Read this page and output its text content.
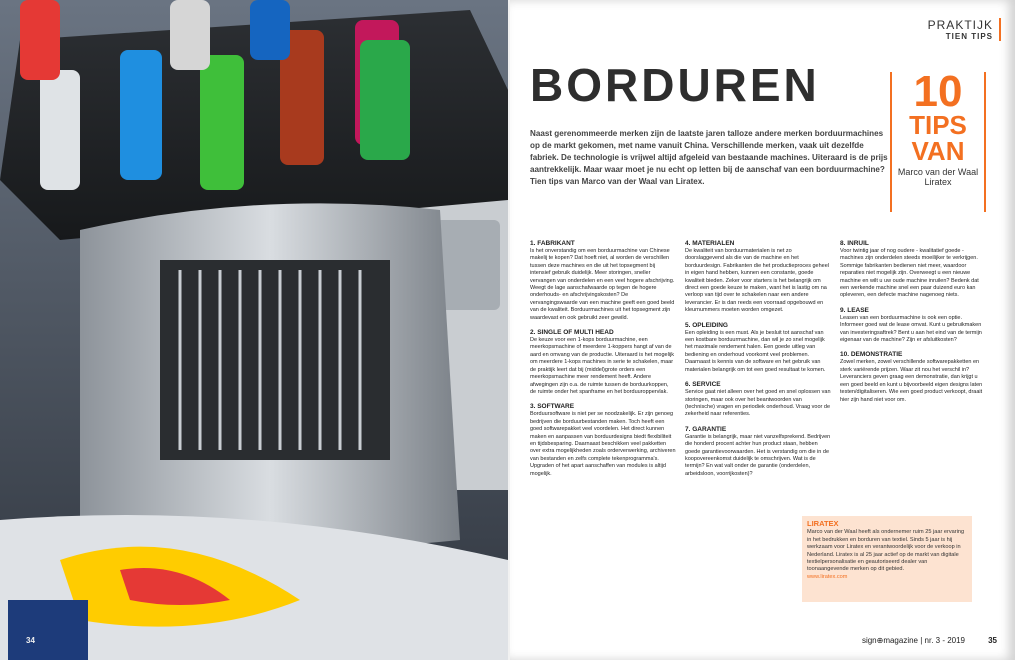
34
PRAKTIJK
TIEN TIPS
BORDUREN	10
TIPS
VAN
Marco van der Waal
Liratex
Naast gerenommeerde merken zijn de laatste jaren talloze andere merken borduurmachines op de markt gekomen, met name vanuit China. Verschillende merken, vaak uit dezelfde fabriek. De technologie is vrijwel altijd afgeleid van bestaande machines. Uiteraard is de prijs aantrekkelijk. Maar waar moet je nu echt op letten bij de aanschaf van een borduurmachine? Tien tips van Marco van der Waal van Liratex.
1. FABRIKANT

Is het onverstandig om een borduurmachine van Chinese makelij te kopen? Dat hoeft niet, al worden de verschillen tussen deze machines en die uit het topsegment bij intensief gebruik duidelijk. Meer storingen, sneller vervangen van onderdelen en een veel hogere afschrijving. Weegt de lage aanschafwaarde op tegen de hogere onderhouds- en afschrijvingskosten? De vervangingswaarde van een machine geeft een goed beeld van de kwaliteit. Borduurmachines uit het topsegment zijn waardevast en ook gebruikt zeer gewild.

2. SINGLE OF MULTI HEAD

De keuze voor een 1-kops borduurmachine, een meerkopsmachine of meerdere 1-koppers hangt af van de aard en omvang van de productie. Uiteraard is het mogelijk om meerdere 1-kops machines in serie te schakelen, maar de praktijk leert dat bij (middel)grote orders een meerkopsmachine meer rendement heeft. Andere afwegingen zijn o.a. de ruimte tussen de borduurkoppen, de ruimte onder het spanframe en het borduuroppervlak.

3. SOFTWARE

Borduursoftware is niet per se noodzakelijk. Er zijn genoeg bedrijven die borduurbestanden maken. Toch heeft een goed softwarepakket veel voordelen. Het direct kunnen maken en aanpassen van borduurdesigns biedt flexibiliteit en tijdsbesparing. Daarnaast beschikken veel pakketten over extra mogelijkheden zoals orderverwerking, archiveren van bestanden en zelfs complete tekenprogramma's. Upgraden of het apart aanschaffen van modules is altijd mogelijk.

4. MATERIALEN

De kwaliteit van borduurmaterialen is net zo doorslaggevend als die van de machine en het borduurdesign. Fabrikanten die het productieproces geheel in eigen hand hebben, kunnen een constante, goede kwaliteit bieden. Zeker voor starters is het belangrijk om direct een goede keuze te maken, want het is lastig om na verloop van tijd over te schakelen naar een andere leverancier. Er is dan reeds een voorraad opgebouwd en kleurnummers moeten worden omgezet.

5. OPLEIDING

Een opleiding is een must. Als je besluit tot aanschaf van een kostbare borduurmachine, dan wil je zo snel mogelijk het maximale rendement halen. Een goede uitleg van bediening en onderhoud voorkomt veel problemen. Daarnaast is kennis van de software en het gebruik van materialen belangrijk om tot een goed resultaat te komen.

6. SERVICE

Service gaat niet alleen over het goed en snel oplossen van storingen, maar ook over het beantwoorden van (technische) vragen en periodiek onderhoud. Vraag voor de zekerheid naar referenties.

7. GARANTIE

Garantie is belangrijk, maar niet vanzelfsprekend. Bedrijven die honderd procent achter hun product staan, hebben goede garantievoorwaarden. Het is verstandig om die in de koopovereenkomst duidelijk te omschrijven. Wat is de termijn? En wat valt onder de garantie (onderdelen, arbeidsloon, voorrijkosten)?

8. INRUIL

Voor twintig jaar of nog oudere - kwalitatief goede - machines zijn onderdelen steeds moeilijker te verkrijgen. Sommige fabrikanten bedienen niet meer, waardoor reparaties niet mogelijk zijn. Overweegt u een nieuwe machine en wilt u uw oude machine inruilen? Bedenk dat een werkende machine snel een paar duizend euro kan opleveren, een defecte machine nagenoeg niets.

9. LEASE

Leasen van een borduurmachine is ook een optie. Informeer goed wat de lease omvat. Kunt u gebruikmaken van investeringsaftrek? Bent u aan het eind van de termijn eigenaar van de machine? Zijn er afsluitkosten?

10. DEMONSTRATIE

Zowel merken, zowel verschillende softwarepakketten en sterk variërende prijzen. Waar zit nou het verschil in? Leveranciers geven graag een demonstratie, dan krijgt u een goed beeld en kunt u bijvoorbeeld eigen designs laten testen/digitaliseren. Wie een goed product verkoopt, draait hier zijn hand niet voor om.

LIRATEX
Marco van der Waal heeft als ondernemer ruim 25 jaar ervaring in het bedrukken en borduren van textiel. Sinds 5 jaar is hij werkzaam voor Liratex en verantwoordelijk voor de verkoop in Nederland. Liratex is al 25 jaar actief op de markt van digitale textielpersonalisatie en geautoriseerd dealer van toonaangevende merken op dit gebied.
www.liratex.com
sign⊕magazine | nr. 3 - 2019	35
